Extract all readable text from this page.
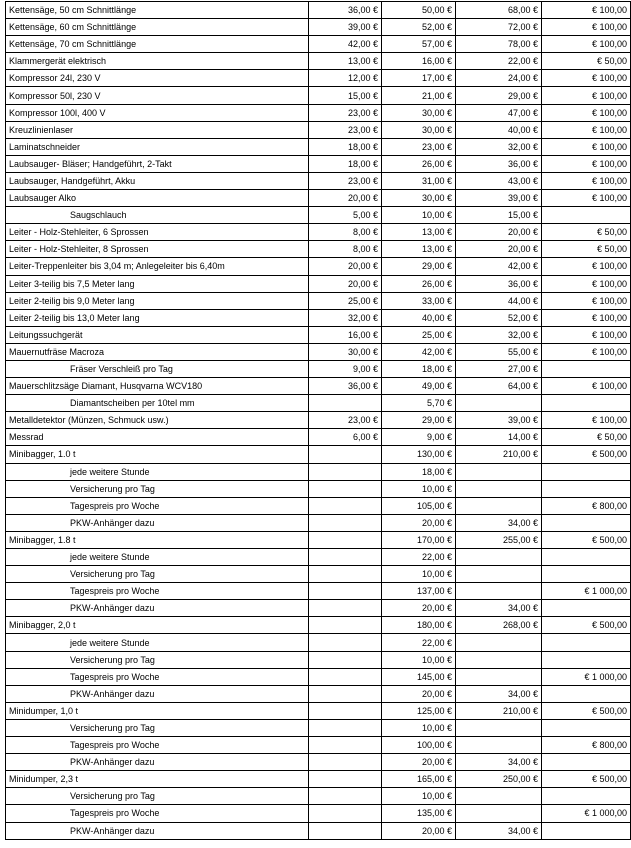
Kettensäge, 50 cm Schnittlänge	36,00 €	50,00 €	68,00 €	€ 100,00
Kettensäge, 60 cm Schnittlänge	39,00 €	52,00 €	72,00 €	€ 100,00
Kettensäge, 70 cm Schnittlänge	42,00 €	57,00 €	78,00 €	€ 100,00
Klammergerät elektrisch	13,00 €	16,00 €	22,00 €	€ 50,00
Kompressor 24l, 230 V	12,00 €	17,00 €	24,00 €	€ 100,00
Kompressor 50l, 230 V	15,00 €	21,00 €	29,00 €	€ 100,00
Kompressor 100l, 400 V	23,00 €	30,00 €	47,00 €	€ 100,00
Kreuzlinienlaser	23,00 €	30,00 €	40,00 €	€ 100,00
Laminatschneider	18,00 €	23,00 €	32,00 €	€ 100,00
Laubsauger- Bläser; Handgeführt, 2-Takt	18,00 €	26,00 €	36,00 €	€ 100,00
Laubsauger, Handgeführt, Akku	23,00 €	31,00 €	43,00 €	€ 100,00
Laubsauger Alko	20,00 €	30,00 €	39,00 €	€ 100,00
Saugschlauch	5,00 €	10,00 €	15,00 €	
Leiter - Holz-Stehleiter, 6 Sprossen	8,00 €	13,00 €	20,00 €	€ 50,00
Leiter - Holz-Stehleiter, 8 Sprossen	8,00 €	13,00 €	20,00 €	€ 50,00
Leiter-Treppenleiter bis 3,04 m; Anlegeleiter bis 6,40m	20,00 €	29,00 €	42,00 €	€ 100,00
Leiter 3-teilig bis 7,5 Meter lang	20,00 €	26,00 €	36,00 €	€ 100,00
Leiter 2-teilig bis 9,0 Meter lang	25,00 €	33,00 €	44,00 €	€ 100,00
Leiter 2-teilig bis 13,0 Meter lang	32,00 €	40,00 €	52,00 €	€ 100,00
Leitungssuchgerät	16,00 €	25,00 €	32,00 €	€ 100,00
Mauernutfräse Macroza	30,00 €	42,00 €	55,00 €	€ 100,00
Fräser Verschleiß pro Tag	9,00 €	18,00 €	27,00 €	
Mauerschlitzsäge Diamant, Husqvarna WCV180	36,00 €	49,00 €	64,00 €	€ 100,00
Diamantscheiben per 10tel mm		5,70 €		
Metalldetektor (Münzen, Schmuck usw.)	23,00 €	29,00 €	39,00 €	€ 100,00
Messrad	6,00 €	9,00 €	14,00 €	€ 50,00
Minibagger, 1.0 t		130,00 €	210,00 €	€ 500,00
jede weitere Stunde		18,00 €		
Versicherung pro Tag		10,00 €		
Tagespreis pro Woche		105,00 €		€ 800,00
PKW-Anhänger dazu		20,00 €	34,00 €	
Minibagger, 1.8 t		170,00 €	255,00 €	€ 500,00
jede weitere Stunde		22,00 €		
Versicherung pro Tag		10,00 €		
Tagespreis pro Woche		137,00 €		€ 1 000,00
PKW-Anhänger dazu		20,00 €	34,00 €	
Minibagger, 2,0 t		180,00 €	268,00 €	€ 500,00
jede weitere Stunde		22,00 €		
Versicherung pro Tag		10,00 €		
Tagespreis pro Woche		145,00 €		€ 1 000,00
PKW-Anhänger dazu		20,00 €	34,00 €	
Minidumper, 1,0 t		125,00 €	210,00 €	€ 500,00
Versicherung pro Tag		10,00 €		
Tagespreis pro Woche		100,00 €		€ 800,00
PKW-Anhänger dazu		20,00 €	34,00 €	
Minidumper, 2,3 t		165,00 €	250,00 €	€ 500,00
Versicherung pro Tag		10,00 €		
Tagespreis pro Woche		135,00 €		€ 1 000,00
PKW-Anhänger dazu		20,00 €	34,00 €	
